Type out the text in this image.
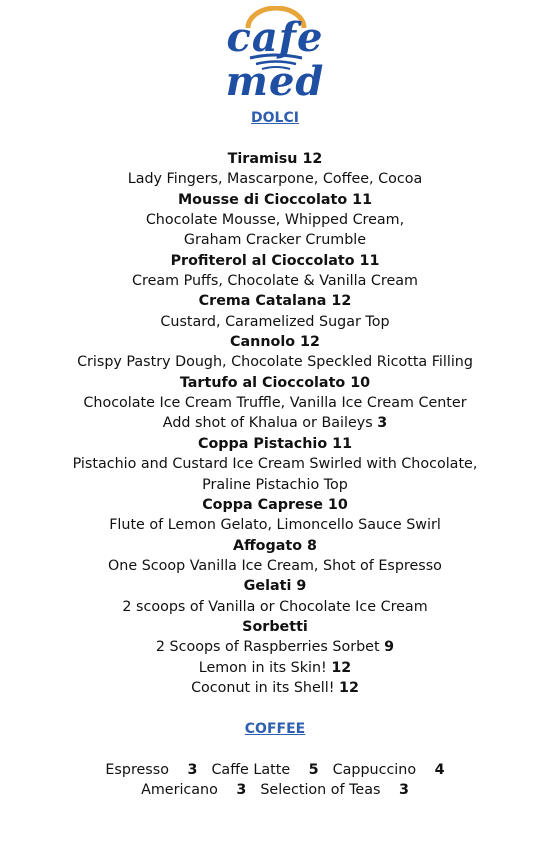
cafe med
DOLCI
Tiramisu 12
Lady Fingers, Mascarpone, Coffee, Cocoa
Mousse di Cioccolato 11
Chocolate Mousse, Whipped Cream,
Graham Cracker Crumble
Profiterol al Cioccolato 11
Cream Puffs, Chocolate & Vanilla Cream
Crema Catalana 12
Custard, Caramelized Sugar Top
Cannolo 12
Crispy Pastry Dough, Chocolate Speckled Ricotta Filling
Tartufo al Cioccolato 10
Chocolate Ice Cream Truffle, Vanilla Ice Cream Center
Add shot of Khalua or Baileys 3
Coppa Pistachio 11
Pistachio and Custard Ice Cream Swirled with Chocolate,
Praline Pistachio Top
Coppa Caprese 10
Flute of Lemon Gelato, Limoncello Sauce Swirl
Affogato 8
One Scoop Vanilla Ice Cream, Shot of Espresso
Gelati 9
2 scoops of Vanilla or Chocolate Ice Cream
Sorbetti
2 Scoops of Raspberries Sorbet 9
Lemon in its Skin! 12
Coconut in its Shell! 12
COFFEE
Espresso 3 Caffe Latte 5 Cappuccino 4
Americano 3 Selection of Teas 3
